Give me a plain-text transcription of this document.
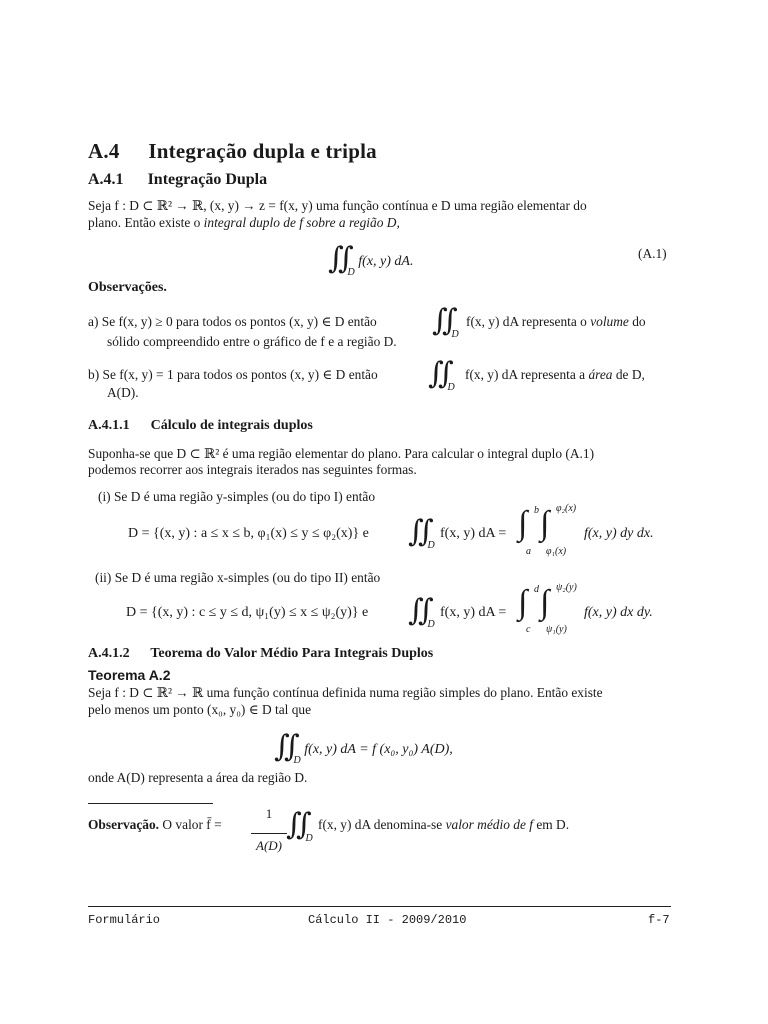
A.4 Integração dupla e tripla
A.4.1 Integração Dupla
Seja f : D ⊂ ℝ² → ℝ, (x, y) → z = f(x, y) uma função contínua e D uma região elementar do
plano. Então existe o integral duplo de f sobre a região D,
$∬_D$ f(x, y) dA.
(A.1)
Observações.
a) Se f(x, y) ≥ 0 para todos os pontos (x, y) ∈ D então $∬_D$
f(x, y) dA representa o volume do
sólido compreendido entre o gráfico de f e a região D.
b) Se f(x, y) = 1 para todos os pontos (x, y) ∈ D então $∬_D$
f(x, y) dA representa a área de D,
A(D).
A.4.1.1 Cálculo de integrais duplos
Suponha-se que D ⊂ ℝ² é uma região elementar do plano. Para calcular o integral duplo (A.1)
podemos recorrer aos integrais iterados nas seguintes formas.
(i) Se D é uma região y-simples (ou do tipo I) então
D = {(x, y) : a ≤ x ≤ b, φ₁(x) ≤ y ≤ φ₂(x)} e $∬_D$
f(x, y) dA = ∫ b
a
∫ φ₂(x)
φ₁(x)
f(x, y) dy dx.
(ii) Se D é uma região x-simples (ou do tipo II) então
D = {(x, y) : c ≤ y ≤ d, ψ₁(y) ≤ x ≤ ψ₂(y)} e $∬_D$
f(x, y) dA = ∫ d
c
∫ ψ₂(y)
ψ₁(y)
f(x, y) dx dy.
A.4.1.2 Teorema do Valor Médio Para Integrais Duplos
Teorema A.2
Seja f : D ⊂ ℝ² → ℝ uma função contínua definida numa região simples do plano. Então existe
pelo menos um ponto (x₀, y₀) ∈ D tal que
$∬_D$ f(x, y) dA = f (x₀, y₀) A(D),
onde A(D) representa a área da região D.
Observação. O valor f̄ =
1
A(D)
$∬_D$
f(x, y) dA denomina-se valor médio de f em D.
Formulário	Cálculo II - 2009/2010	f-7
